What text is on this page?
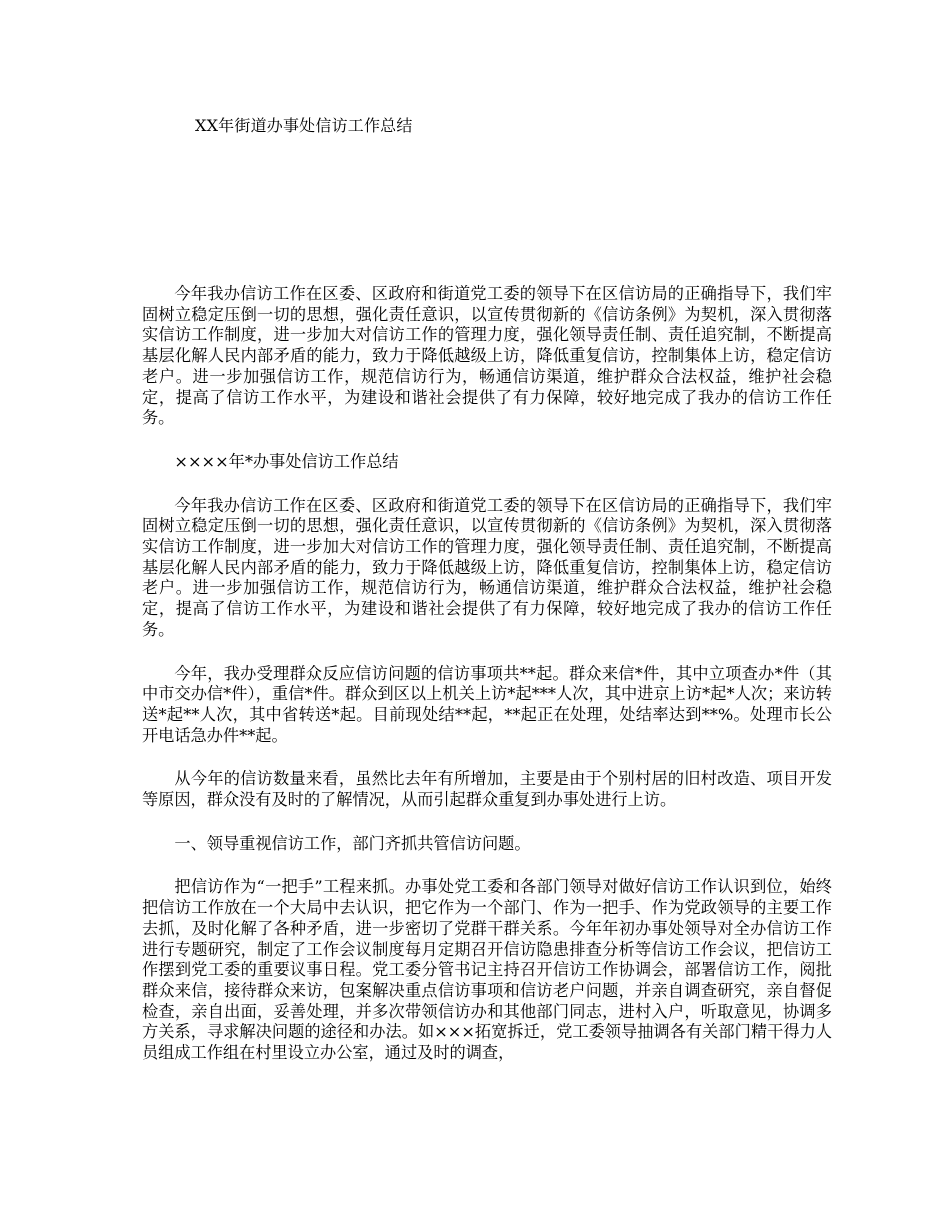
XX年街道办事处信访工作总结

今年我办信访工作在区委、区政府和街道党工委的领导下在区信访局的正确指导下，我们牢固树立稳定压倒一切的思想，强化责任意识，以宣传贯彻新的《信访条例》为契机，深入贯彻落实信访工作制度，进一步加大对信访工作的管理力度，强化领导责任制、责任追究制，不断提高基层化解人民内部矛盾的能力，致力于降低越级上访，降低重复信访，控制集体上访，稳定信访老户。进一步加强信访工作，规范信访行为，畅通信访渠道，维护群众合法权益，维护社会稳定，提高了信访工作水平，为建设和谐社会提供了有力保障，较好地完成了我办的信访工作任务。

××××年*办事处信访工作总结

今年我办信访工作在区委、区政府和街道党工委的领导下在区信访局的正确指导下，我们牢固树立稳定压倒一切的思想，强化责任意识，以宣传贯彻新的《信访条例》为契机，深入贯彻落实信访工作制度，进一步加大对信访工作的管理力度，强化领导责任制、责任追究制，不断提高基层化解人民内部矛盾的能力，致力于降低越级上访，降低重复信访，控制集体上访，稳定信访老户。进一步加强信访工作，规范信访行为，畅通信访渠道，维护群众合法权益，维护社会稳定，提高了信访工作水平，为建设和谐社会提供了有力保障，较好地完成了我办的信访工作任务。

今年，我办受理群众反应信访问题的信访事项共**起。群众来信*件，其中立项查办*件（其中市交办信*件），重信*件。群众到区以上机关上访*起***人次，其中进京上访*起*人次；来访转送*起**人次，其中省转送*起。目前现处结**起，**起正在处理，处结率达到**%。处理市长公开电话急办件**起。

从今年的信访数量来看，虽然比去年有所增加，主要是由于个别村居的旧村改造、项目开发等原因，群众没有及时的了解情况，从而引起群众重复到办事处进行上访。

一、领导重视信访工作，部门齐抓共管信访问题。

把信访作为“一把手”工程来抓。办事处党工委和各部门领导对做好信访工作认识到位，始终把信访工作放在一个大局中去认识，把它作为一个部门、作为一把手、作为党政领导的主要工作去抓，及时化解了各种矛盾，进一步密切了党群干群关系。今年年初办事处领导对全办信访工作进行专题研究，制定了工作会议制度每月定期召开信访隐患排查分析等信访工作会议，把信访工作摆到党工委的重要议事日程。党工委分管书记主持召开信访工作协调会，部署信访工作，阅批群众来信，接待群众来访，包案解决重点信访事项和信访老户问题，并亲自调查研究，亲自督促检查，亲自出面，妥善处理，并多次带领信访办和其他部门同志，进村入户，听取意见，协调多方关系，寻求解决问题的途径和办法。如×××拓宽拆迁，党工委领导抽调各有关部门精干得力人员组成工作组在村里设立办公室，通过及时的调查，
